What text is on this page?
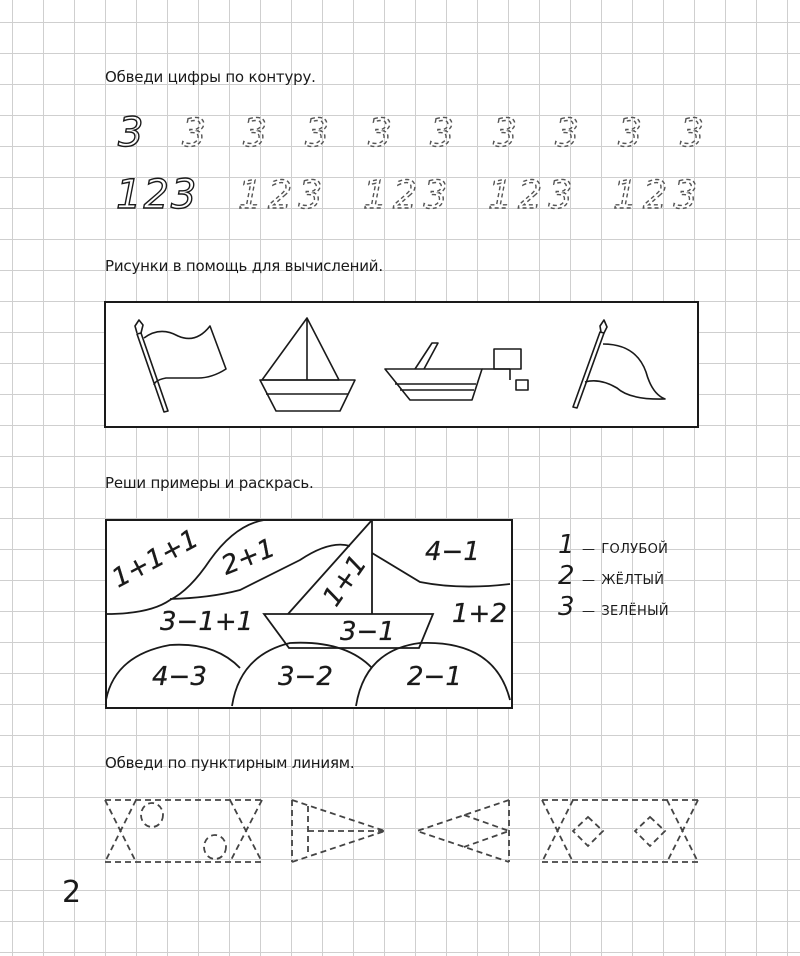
Обведи цифры по контуру.
3 3 3 3 3 3 3 3 3 3
123 123 123 123 123
Рисунки в помощь для вычислений.
Реши примеры и раскрась.
1+1+1 2+1 1+1 4−1
3−1+1	1+2
3−1
4−3	3−2	2−1
1 — ГОЛУБОЙ
2 — ЖЁЛТЫЙ
3 — ЗЕЛЁНЫЙ
Обведи по пунктирным линиям.
2
